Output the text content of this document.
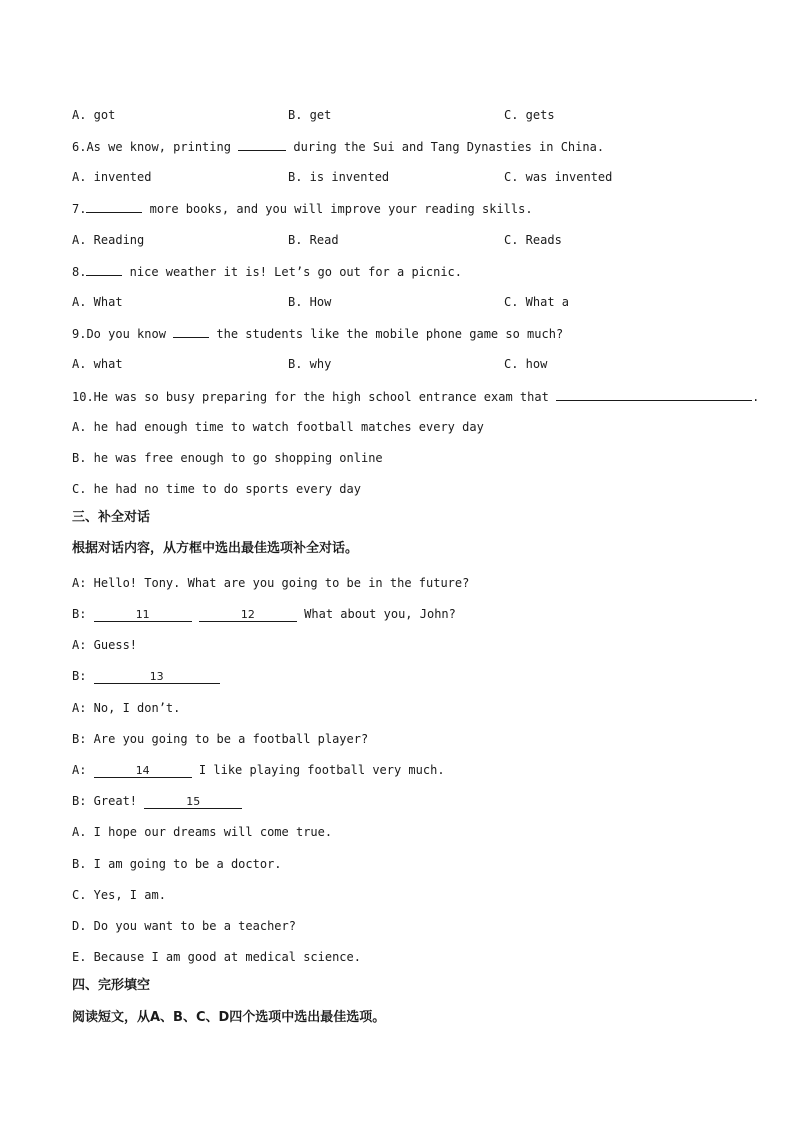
A. got	B. get	C. gets
6.As we know, printing	during the Sui and Tang Dynasties in China.
A. invented	B. is invented	C. was invented
7.	more books, and you will improve your reading skills.
A. Reading	B. Read	C. Reads
8.	nice weather it is! Let’s go out for a picnic.
A. What	B. How	C. What a
9.Do you know	the students like the mobile phone game so much?
A. what	B. why	C. how
10.He was so busy preparing for the high school entrance exam that	.
A. he had enough time to watch football matches every day
B. he was free enough to go shopping online
C. he had no time to do sports every day
三、补全对话
根据对话内容，从方框中选出最佳选项补全对话。
A: Hello! Tony. What are you going to be in the future?
B:	11	12	What about you, John?
A: Guess!
B:	13
A: No, I don’t.
B: Are you going to be a football player?
A:	14	I like playing football very much.
B: Great!	15
A. I hope our dreams will come true.
B. I am going to be a doctor.
C. Yes, I am.
D. Do you want to be a teacher?
E. Because I am good at medical science.
四、完形填空
阅读短文，从A、B、C、D四个选项中选出最佳选项。
